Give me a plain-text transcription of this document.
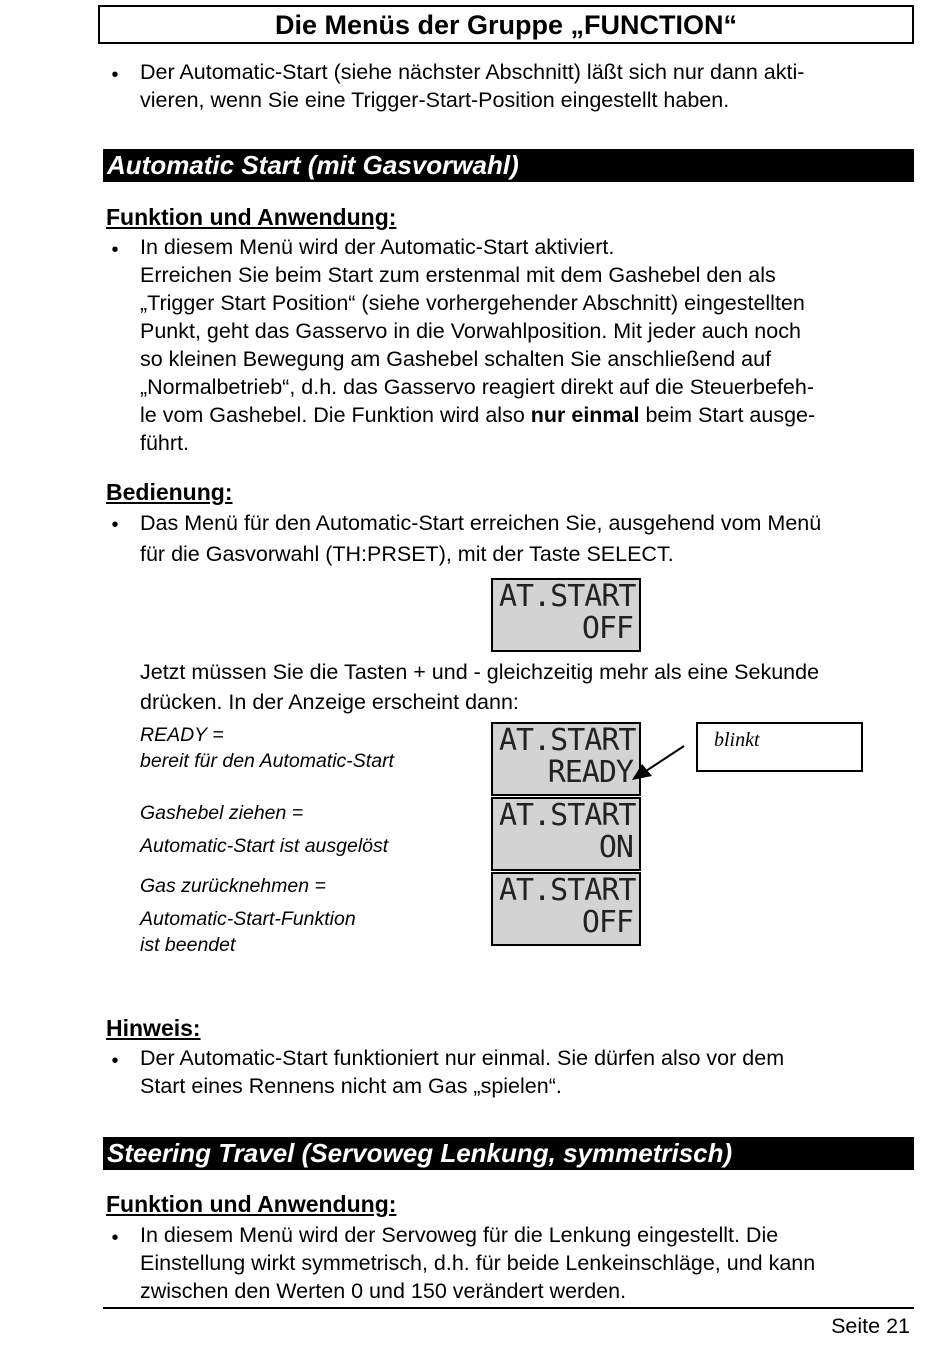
Die Menüs der Gruppe „FUNCTION“
•	Der Automatic-Start (siehe nächster Abschnitt) läßt sich nur dann akti-
vieren, wenn Sie eine Trigger-Start-Position eingestellt haben.
Automatic Start (mit Gasvorwahl)
Funktion und Anwendung:
•	In diesem Menü wird der Automatic-Start aktiviert.
Erreichen Sie beim Start zum erstenmal mit dem Gashebel den als
„Trigger Start Position“ (siehe vorhergehender Abschnitt) eingestellten
Punkt, geht das Gasservo in die Vorwahlposition. Mit jeder auch noch
so kleinen Bewegung am Gashebel schalten Sie anschließend auf
„Normalbetrieb“, d.h. das Gasservo reagiert direkt auf die Steuerbefeh-
le vom Gashebel. Die Funktion wird also nur einmal beim Start ausge-
führt.
Bedienung:
•	Das Menü für den Automatic-Start erreichen Sie, ausgehend vom Menü
für die Gasvorwahl (TH:PRSET), mit der Taste SELECT.
AT.START
OFF
Jetzt müssen Sie die Tasten + und - gleichzeitig mehr als eine Sekunde
drücken. In der Anzeige erscheint dann:
READY =
bereit für den Automatic-Start
Gashebel ziehen =
Automatic-Start ist ausgelöst
Gas zurücknehmen =
Automatic-Start-Funktion
ist beendet
AT.START
READY
AT.START
ON
AT.START
OFF
blinkt
Hinweis:
•	Der Automatic-Start funktioniert nur einmal. Sie dürfen also vor dem
Start eines Rennens nicht am Gas „spielen“.
Steering Travel (Servoweg Lenkung, symmetrisch)
Funktion und Anwendung:
•	In diesem Menü wird der Servoweg für die Lenkung eingestellt. Die
Einstellung wirkt symmetrisch, d.h. für beide Lenkeinschläge, und kann
zwischen den Werten 0 und 150 verändert werden.
Seite 21
